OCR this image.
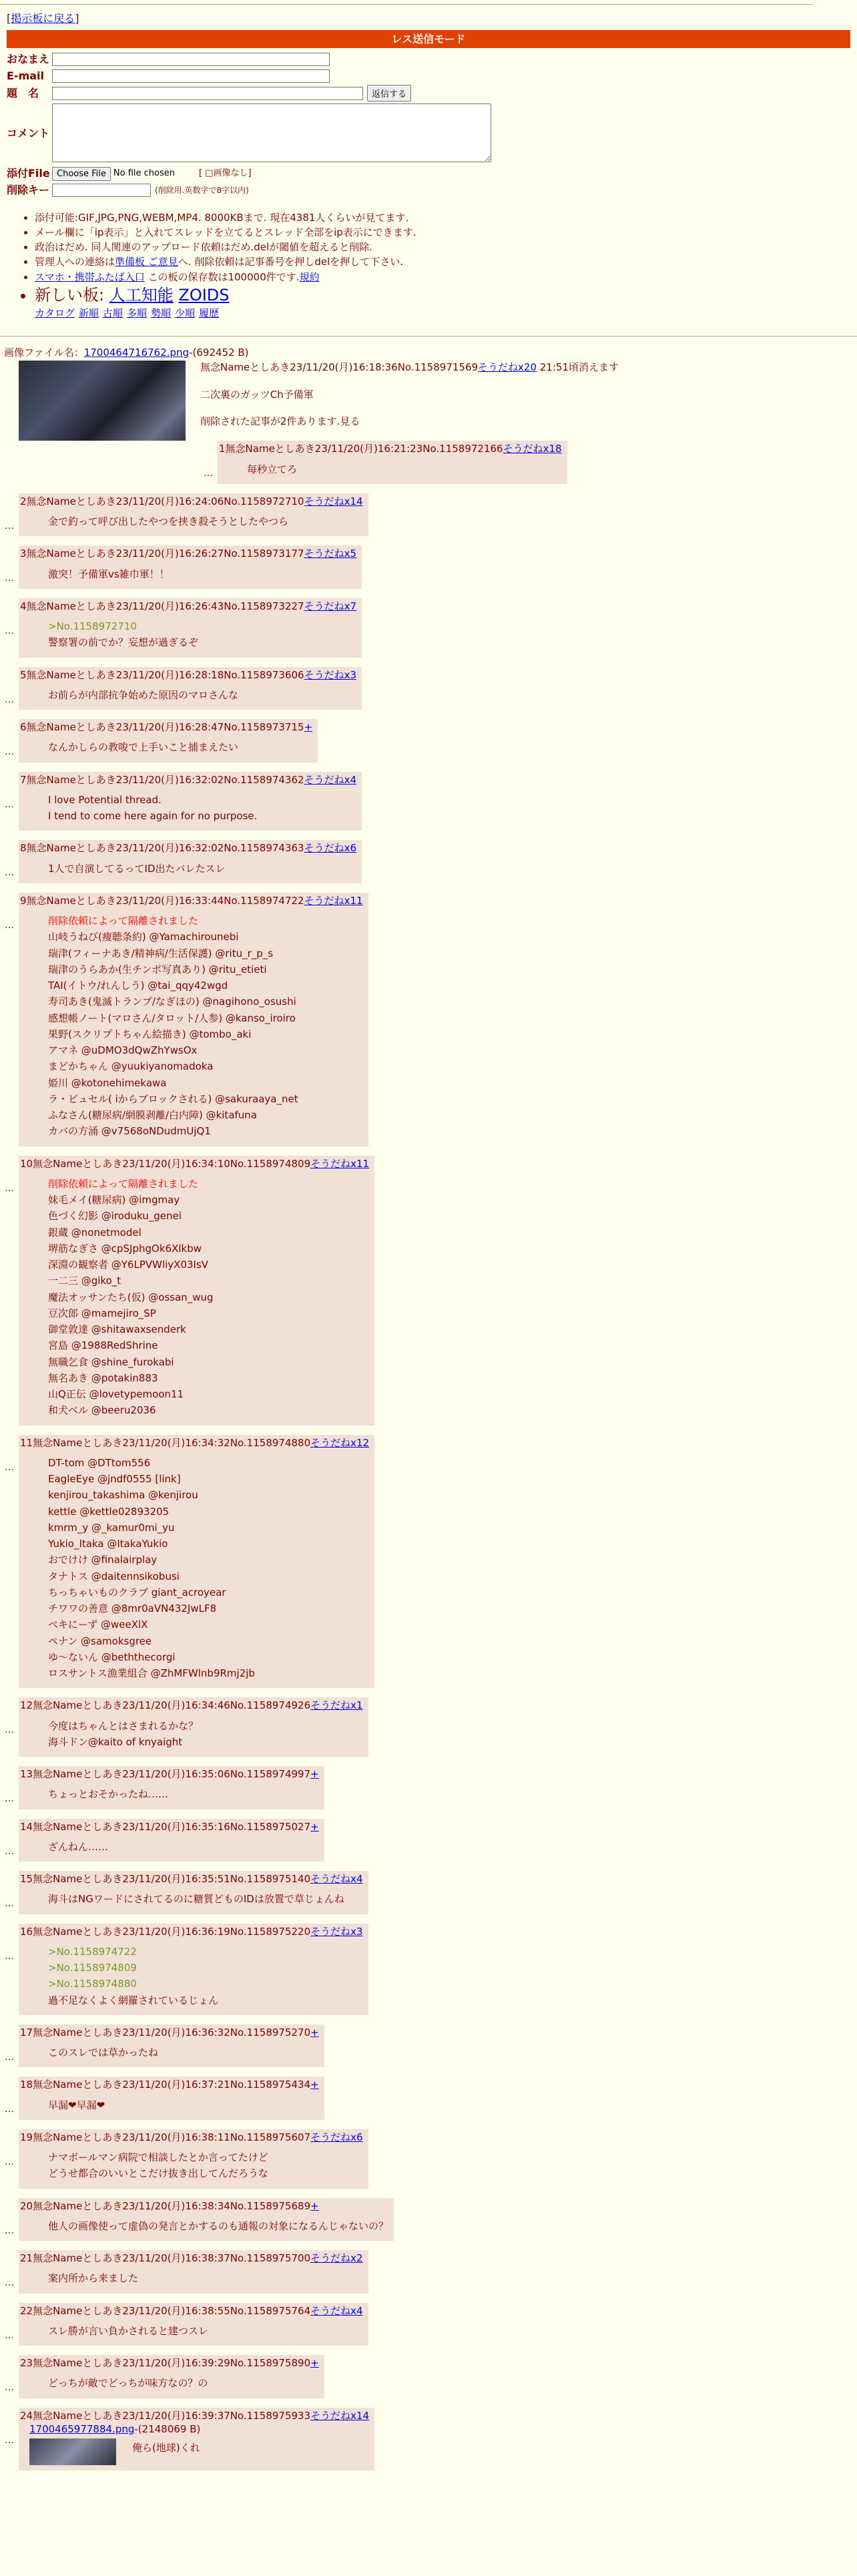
[掲示板に戻る]
レス送信モード
おなまえ
E-mail
題　名	返信する
コメント
添付File Choose File No file chosen	[ □画像なし]
削除キー	(削除用.英数字で8字以内)
• 添付可能:GIF,JPG,PNG,WEBM,MP4. 8000KBまで. 現在4381人くらいが見てます.
• メール欄に「ip表示」と入れてスレッドを立てるとスレッド全部をip表示にできます.
• 政治はだめ. 同人関連のアップロード依頼はだめ.delが閾値を超えると削除.
• 管理人への連絡は準備板 ご意見へ. 削除依頼は記事番号を押しdelを押して下さい.
• スマホ・携帯ふたば入口 この板の保存数は100000件です.規約
• 新しい板: 人工知能 ZOIDS
カタログ 新順 古順 多順 勢順 少順 履歴
画像ファイル名：1700464716762.png-(692452 B)

無念Nameとしあき23/11/20(月)16:18:36No.1158971569そうだねx20 21:51頃消えます

二次裏のガッツCh予備軍

削除された記事が2件あります.見る

…
1無念Nameとしあき23/11/20(月)16:21:23No.1158972166そうだねx18
毎秒立てろ
…
2無念Nameとしあき23/11/20(月)16:24:06No.1158972710そうだねx14
金で釣って呼び出したやつを挟き殺そうとしたやつら
…
3無念Nameとしあき23/11/20(月)16:26:27No.1158973177そうだねx5
激突！予備軍vs雑巾軍！！
…
4無念Nameとしあき23/11/20(月)16:26:43No.1158973227そうだねx7
>No.1158972710
警察署の前でか？妄想が過ぎるぞ
…
5無念Nameとしあき23/11/20(月)16:28:18No.1158973606そうだねx3
お前らが内部抗争始めた原因のマロさんな
…
6無念Nameとしあき23/11/20(月)16:28:47No.1158973715+
なんかしらの教唆で上手いこと捕まえたい
…
7無念Nameとしあき23/11/20(月)16:32:02No.1158974362そうだねx4
I love Potential thread.
I tend to come here again for no purpose.
…
8無念Nameとしあき23/11/20(月)16:32:02No.1158974363そうだねx6
1人で自演してるってID出たバレたスレ
…
9無念Nameとしあき23/11/20(月)16:33:44No.1158974722そうだねx11
削除依頼によって隔離されました
山岐うねび(痩聴条約) @Yamachirounebi
瑞津(フィーナあき/精神病/生活保護) @ritu_r_p_s
瑞津のうらあか(生チンポ写真あり) @ritu_etieti
TAI(イトウ/れんしう) @tai_qqy42wgd
寿司あき(鬼滅トランプ/なぎほの) @nagihono_osushi
感想帳ノート(マロさん/タロット/人参) @kanso_iroiro
果野(スクリプトちゃん絵描き) @tombo_aki
アマネ @uDMO3dQwZhYwsOx
まどかちゃん @yuukiyanomadoka
姫川 @kotonehimekawa
ラ・ピュセル( iからブロックされる) @sakuraaya_net
ふなさん(糖尿病/網膜剥離/白内障) @kitafuna
カバの方涌 @v7568oNDudmUjQ1
…
10無念Nameとしあき23/11/20(月)16:34:10No.1158974809そうだねx11
削除依頼によって隔離されました
妹毛メイ(糖尿病) @imgmay
色づく幻影 @iroduku_genei
銀蔵 @nonetmodel
堺筋なぎさ @cpSJphgOk6Xlkbw
深淵の観察者 @Y6LPVWliyX03IsV
一二三 @giko_t
魔法オッサンたち(仮) @ossan_wug
豆次郎 @mamejiro_SP
御堂敦達 @shitawaxsenderk
宮島 @1988RedShrine
無職乞食 @shine_furokabi
無名あき @potakin883
山Q正伝 @lovetypemoon11
和犬ベル @beeru2036
…
11無念Nameとしあき23/11/20(月)16:34:32No.1158974880そうだねx12
DT-tom @DTtom556
EagleEye @jndf0555 [link]
kenjirou_takashima @kenjirou
kettle @kettle02893205
kmrm_y @_kamur0mi_yu
Yukio_Itaka @ItakaYukio
おでけけ @finalairplay
タナトス @daitennsikobusi
ちっちゃいものクラブ giant_acroyear
チワワの善意 @8mr0aVN432JwLF8
ぺキにーず @weeXlX
ペナン @samoksgree
ゆ〜ないん @beththecorgi
ロスサントス漁業組合 @ZhMFWlnb9Rmj2jb
…
12無念Nameとしあき23/11/20(月)16:34:46No.1158974926そうだねx1
今度はちゃんとはさまれるかな？
海斗ドン@kaito of knyaight
…
13無念Nameとしあき23/11/20(月)16:35:06No.1158974997+
ちょっとおそかったね……
…
14無念Nameとしあき23/11/20(月)16:35:16No.1158975027+
ざんねん……
…
15無念Nameとしあき23/11/20(月)16:35:51No.1158975140そうだねx4
海斗はNGワードにされてるのに糖質どものIDは放置で草じょんね
…
16無念Nameとしあき23/11/20(月)16:36:19No.1158975220そうだねx3
>No.1158974722
>No.1158974809
>No.1158974880
過不足なくよく網羅されているじょん
…
17無念Nameとしあき23/11/20(月)16:36:32No.1158975270+
このスレでは草かったね
…
18無念Nameとしあき23/11/20(月)16:37:21No.1158975434+
早漏❤早漏❤
…
19無念Nameとしあき23/11/20(月)16:38:11No.1158975607そうだねx6
ナマボールマン病院で相談したとか言ってたけど
どうせ都合のいいとこだけ抜き出してんだろうな
…
20無念Nameとしあき23/11/20(月)16:38:34No.1158975689+
他人の画像使って虚偽の発言とかするのも通報の対象になるんじゃないの？
…
21無念Nameとしあき23/11/20(月)16:38:37No.1158975700そうだねx2
案内所から来ました
…
22無念Nameとしあき23/11/20(月)16:38:55No.1158975764そうだねx4
スレ勝が言い負かされると建つスレ
…
23無念Nameとしあき23/11/20(月)16:39:29No.1158975890+
どっちが敵でどっちが味方なの？の
…
24無念Nameとしあき23/11/20(月)16:39:37No.1158975933そうだねx14
1700465977884.png-(2148069 B)
俺ら(地球)くれ
